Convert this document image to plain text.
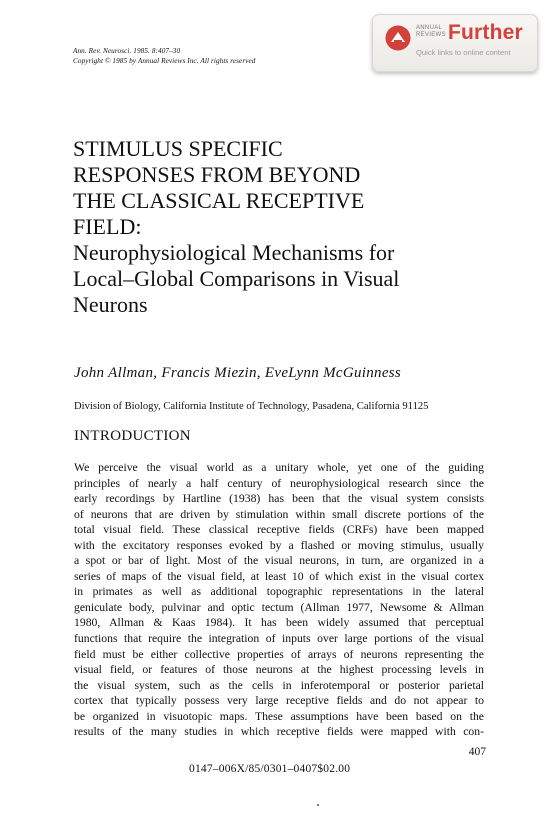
Ann. Rev. Neurosci. 1985. 8:407–30
Copyright © 1985 by Annual Reviews Inc. All rights reserved
ANNUAL
REVIEWS Further
Quick links to online content
STIMULUS SPECIFIC
RESPONSES FROM BEYOND
THE CLASSICAL RECEPTIVE
FIELD:
Neurophysiological Mechanisms for
Local–Global Comparisons in Visual
Neurons
John Allman, Francis Miezin, EveLynn McGuinness
Division of Biology, California Institute of Technology, Pasadena, California 91125
INTRODUCTION
We perceive the visual world as a unitary whole, yet one of the guiding
principles of nearly a half century of neurophysiological research since the
early recordings by Hartline (1938) has been that the visual system consists
of neurons that are driven by stimulation within small discrete portions of the
total visual field. These classical receptive fields (CRFs) have been mapped
with the excitatory responses evoked by a flashed or moving stimulus, usually
a spot or bar of light. Most of the visual neurons, in turn, are organized in a
series of maps of the visual field, at least 10 of which exist in the visual cortex
in primates as well as additional topographic representations in the lateral
geniculate body, pulvinar and optic tectum (Allman 1977, Newsome & Allman
1980, Allman & Kaas 1984). It has been widely assumed that perceptual
functions that require the integration of inputs over large portions of the visual
field must be either collective properties of arrays of neurons representing the
visual field, or features of those neurons at the highest processing levels in
the visual system, such as the cells in inferotemporal or posterior parietal
cortex that typically possess very large receptive fields and do not appear to
be organized in visuotopic maps. These assumptions have been based on the
results of the many studies in which receptive fields were mapped with con-
407
0147–006X/85/0301–0407$02.00
